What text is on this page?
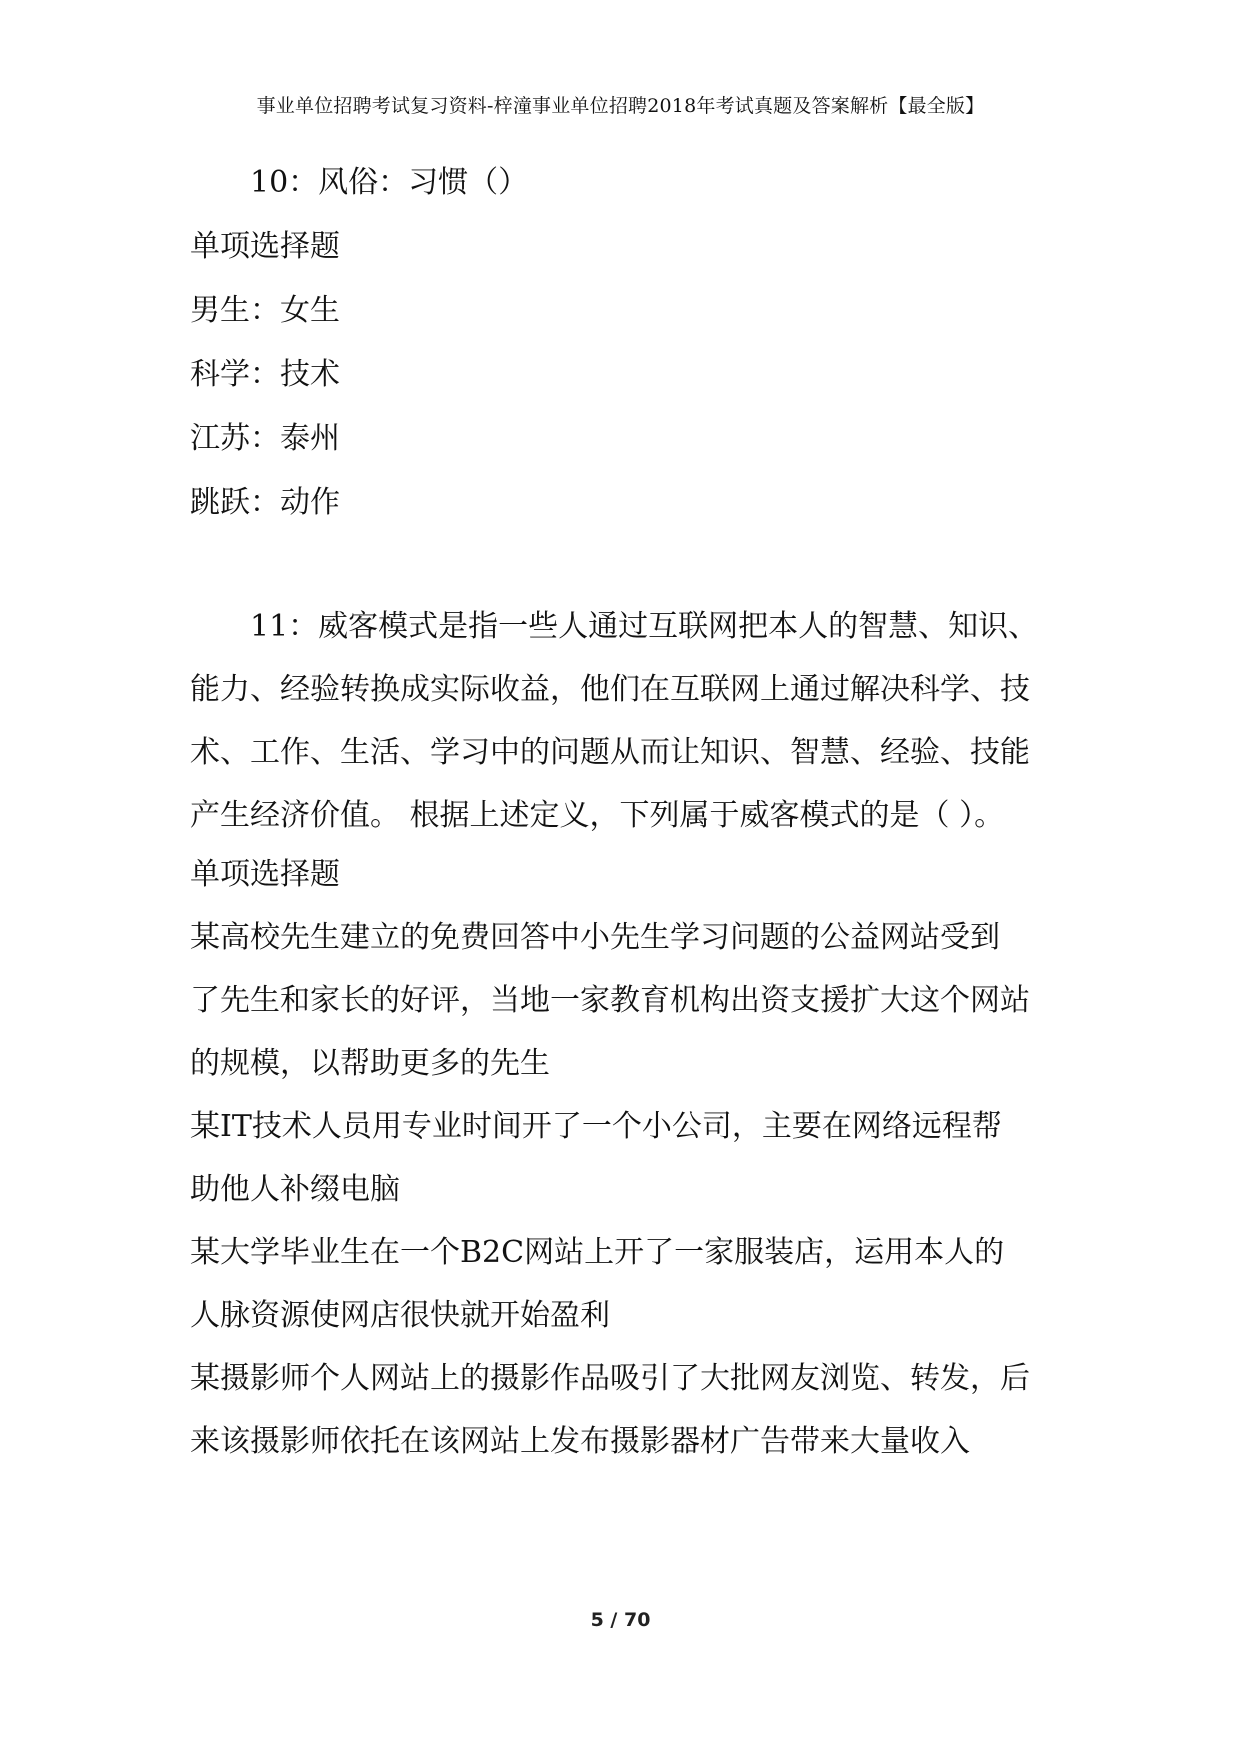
事业单位招聘考试复习资料-梓潼事业单位招聘2018年考试真题及答案解析【最全版】
10：风俗：习惯（）
单项选择题
男生：女生
科学：技术
江苏：泰州
跳跃：动作
11：威客模式是指一些人通过互联网把本人的智慧、知识、
能力、经验转换成实际收益，他们在互联网上通过解决科学、技
术、工作、生活、学习中的问题从而让知识、智慧、经验、技能
产生经济价值。 根据上述定义，下列属于威客模式的是（ ）。
单项选择题
某高校先生建立的免费回答中小先生学习问题的公益网站受到
了先生和家长的好评，当地一家教育机构出资支援扩大这个网站
的规模，以帮助更多的先生
某IT技术人员用专业时间开了一个小公司，主要在网络远程帮
助他人补缀电脑
某大学毕业生在一个B2C网站上开了一家服装店，运用本人的
人脉资源使网店很快就开始盈利
某摄影师个人网站上的摄影作品吸引了大批网友浏览、转发，后
来该摄影师依托在该网站上发布摄影器材广告带来大量收入
5 / 70
